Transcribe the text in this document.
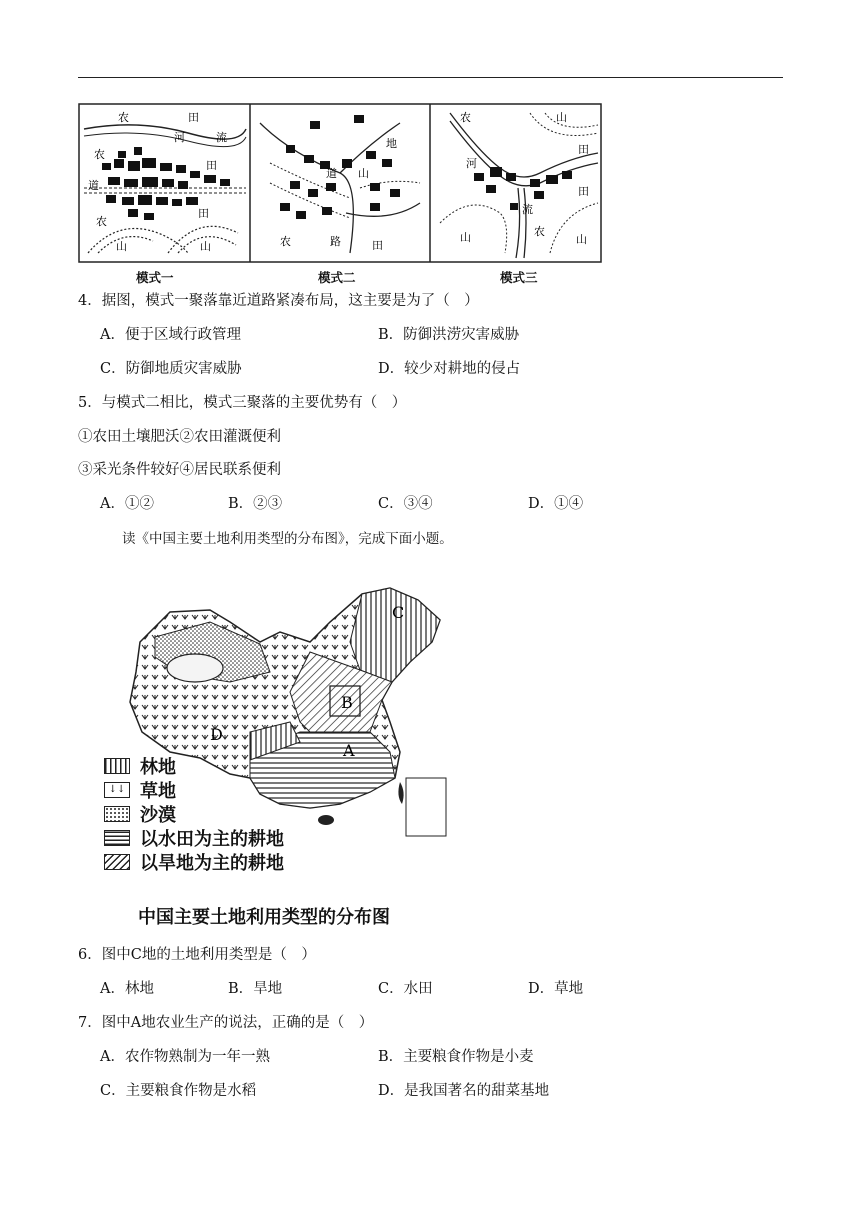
农	田
河	流
农
道
田
农
田
山	山
地
道 山
农	路	田
农	山
田
河
田
流
山	农
山
模式一	模式二	模式三
4．据图，模式一聚落靠近道路紧凑布局，这主要是为了（　）
A．便于区域行政管理	B．防御洪涝灾害威胁
C．防御地质灾害威胁	D．较少对耕地的侵占
5．与模式二相比，模式三聚落的主要优势有（　）
①农田土壤肥沃②农田灌溉便利
③采光条件较好④居民联系便利
A．①②	B．②③	C．③④	D．①④
读《中国主要土地利用类型的分布图》，完成下面小题。
C
B
D
A
林地
↓↓ 草地
沙漠
以水田为主的耕地
以旱地为主的耕地
中国主要土地利用类型的分布图
6．图中C地的土地利用类型是（　）
A．林地	B．旱地	C．水田	D．草地
7．图中A地农业生产的说法，正确的是（　）
A．农作物熟制为一年一熟	B．主要粮食作物是小麦
C．主要粮食作物是水稻	D．是我国著名的甜菜基地
